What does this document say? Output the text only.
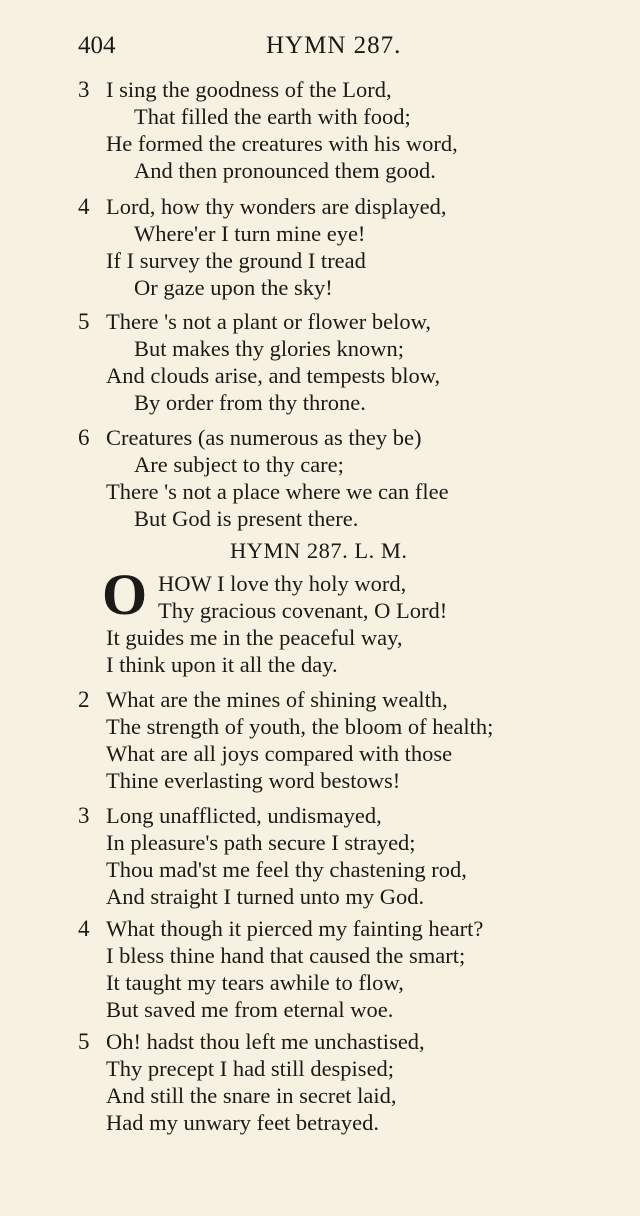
404	HYMN 287.
3 I sing the goodness of the Lord,
That filled the earth with food;
He formed the creatures with his word,
And then pronounced them good.
4 Lord, how thy wonders are displayed,
Where'er I turn mine eye!
If I survey the ground I tread
Or gaze upon the sky!
5 There 's not a plant or flower below,
But makes thy glories known;
And clouds arise, and tempests blow,
By order from thy throne.
6 Creatures (as numerous as they be)
Are subject to thy care;
There 's not a place where we can flee
But God is present there.
HYMN 287. L. M.
O HOW I love thy holy word,
Thy gracious covenant, O Lord!
It guides me in the peaceful way,
I think upon it all the day.
2 What are the mines of shining wealth,
The strength of youth, the bloom of health;
What are all joys compared with those
Thine everlasting word bestows!
3 Long unafflicted, undismayed,
In pleasure's path secure I strayed;
Thou mad'st me feel thy chastening rod,
And straight I turned unto my God.
4 What though it pierced my fainting heart?
I bless thine hand that caused the smart;
It taught my tears awhile to flow,
But saved me from eternal woe.
5 Oh! hadst thou left me unchastised,
Thy precept I had still despised;
And still the snare in secret laid,
Had my unwary feet betrayed.
